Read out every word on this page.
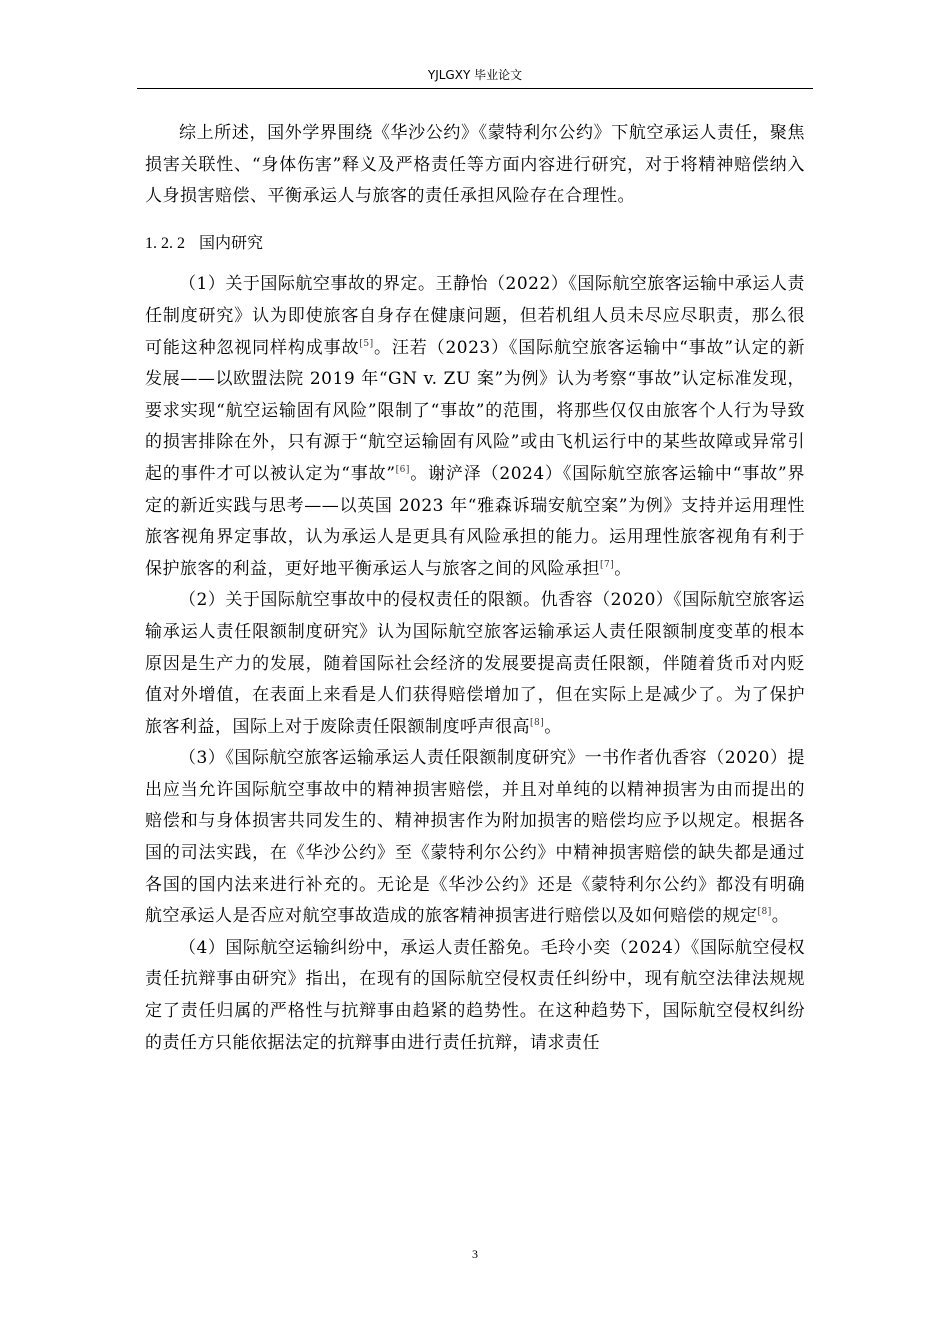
YJLGXY 毕业论文

综上所述，国外学界围绕《华沙公约》《蒙特利尔公约》下航空承运人责任，聚焦损害关联性、“身体伤害”释义及严格责任等方面内容进行研究，对于将精神赔偿纳入人身损害赔偿、平衡承运人与旅客的责任承担风险存在合理性。

1. 2. 2 国内研究

（1）关于国际航空事故的界定。王静怡（2022）《国际航空旅客运输中承运人责任制度研究》认为即使旅客自身存在健康问题，但若机组人员未尽应尽职责，那么很可能这种忽视同样构成事故[5]。汪若（2023）《国际航空旅客运输中“事故”认定的新发展——以欧盟法院 2019 年“GN v. ZU 案”为例》认为考察“事故”认定标准发现，要求实现“航空运输固有风险”限制了“事故”的范围，将那些仅仅由旅客个人行为导致的损害排除在外，只有源于“航空运输固有风险”或由飞机运行中的某些故障或异常引起的事件才可以被认定为“事故”[6]。谢浐泽（2024）《国际航空旅客运输中“事故”界定的新近实践与思考——以英国 2023 年“雅森诉瑞安航空案”为例》支持并运用理性旅客视角界定事故，认为承运人是更具有风险承担的能力。运用理性旅客视角有利于保护旅客的利益，更好地平衡承运人与旅客之间的风险承担[7]。

（2）关于国际航空事故中的侵权责任的限额。仇香容（2020）《国际航空旅客运输承运人责任限额制度研究》认为国际航空旅客运输承运人责任限额制度变革的根本原因是生产力的发展，随着国际社会经济的发展要提高责任限额，伴随着货币对内贬值对外增值，在表面上来看是人们获得赔偿增加了，但在实际上是减少了。为了保护旅客利益，国际上对于废除责任限额制度呼声很高[8]。

（3）《国际航空旅客运输承运人责任限额制度研究》一书作者仇香容（2020）提出应当允许国际航空事故中的精神损害赔偿，并且对单纯的以精神损害为由而提出的赔偿和与身体损害共同发生的、精神损害作为附加损害的赔偿均应予以规定。根据各国的司法实践，在《华沙公约》至《蒙特利尔公约》中精神损害赔偿的缺失都是通过各国的国内法来进行补充的。无论是《华沙公约》还是《蒙特利尔公约》都没有明确航空承运人是否应对航空事故造成的旅客精神损害进行赔偿以及如何赔偿的规定[8]。

（4）国际航空运输纠纷中，承运人责任豁免。毛玲小奕（2024）《国际航空侵权责任抗辩事由研究》指出，在现有的国际航空侵权责任纠纷中，现有航空法律法规规定了责任归属的严格性与抗辩事由趋紧的趋势性。在这种趋势下，国际航空侵权纠纷的责任方只能依据法定的抗辩事由进行责任抗辩，请求责任

3
